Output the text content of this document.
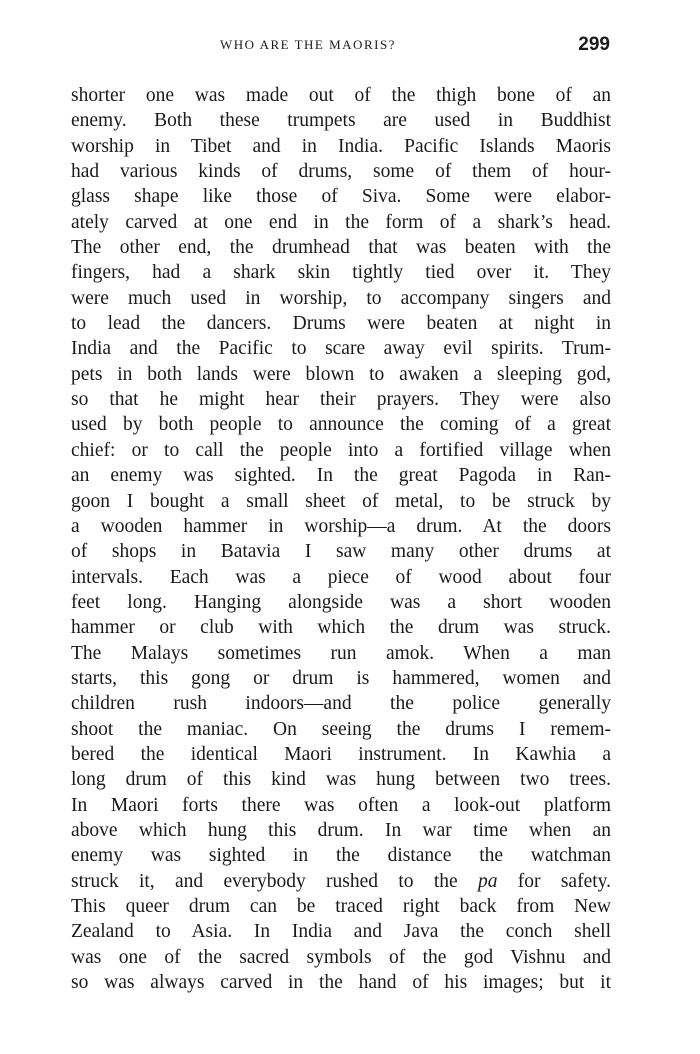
WHO ARE THE MAORIS?	299
shorter one was made out of the thigh bone of an
enemy. Both these trumpets are used in Buddhist
worship in Tibet and in India. Pacific Islands Maoris
had various kinds of drums, some of them of hour-
glass shape like those of Siva. Some were elabor-
ately carved at one end in the form of a shark’s head.
The other end, the drumhead that was beaten with the
fingers, had a shark skin tightly tied over it. They
were much used in worship, to accompany singers and
to lead the dancers. Drums were beaten at night in
India and the Pacific to scare away evil spirits. Trum-
pets in both lands were blown to awaken a sleeping god,
so that he might hear their prayers. They were also
used by both people to announce the coming of a great
chief: or to call the people into a fortified village when
an enemy was sighted. In the great Pagoda in Ran-
goon I bought a small sheet of metal, to be struck by
a wooden hammer in worship—a drum. At the doors
of shops in Batavia I saw many other drums at
intervals. Each was a piece of wood about four
feet long. Hanging alongside was a short wooden
hammer or club with which the drum was struck.
The Malays sometimes run amok. When a man
starts, this gong or drum is hammered, women and
children rush indoors—and the police generally
shoot the maniac. On seeing the drums I remem-
bered the identical Maori instrument. In Kawhia a
long drum of this kind was hung between two trees.
In Maori forts there was often a look-out platform
above which hung this drum. In war time when an
enemy was sighted in the distance the watchman
struck it, and everybody rushed to the pa for safety.
This queer drum can be traced right back from New
Zealand to Asia. In India and Java the conch shell
was one of the sacred symbols of the god Vishnu and
so was always carved in the hand of his images; but it
